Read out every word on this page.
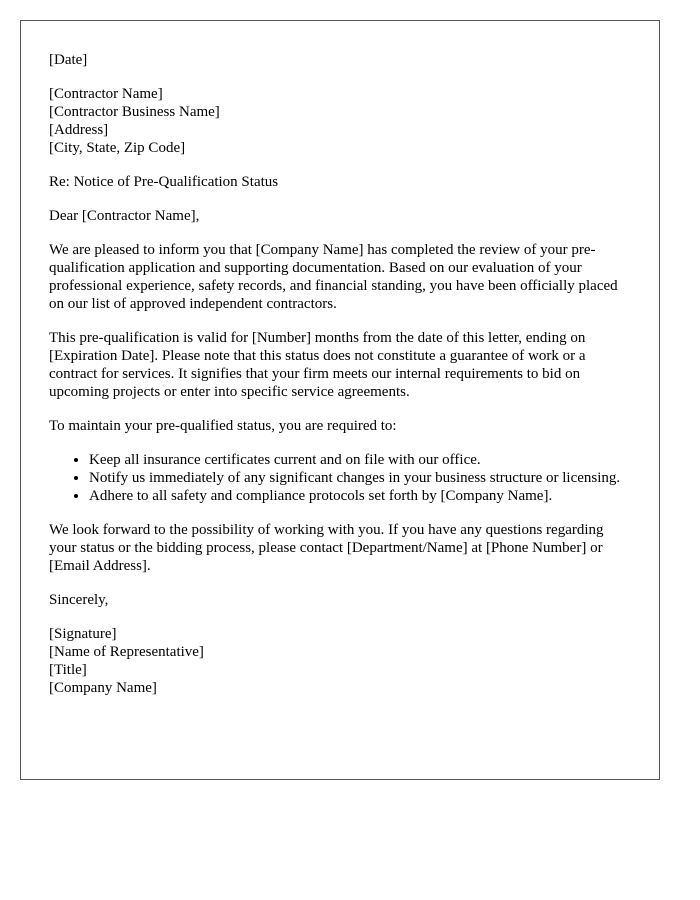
[Date]

[Contractor Name]
[Contractor Business Name]
[Address]
[City, State, Zip Code]

Re: Notice of Pre-Qualification Status

Dear [Contractor Name],

We are pleased to inform you that [Company Name] has completed the review of your pre-qualification application and supporting documentation. Based on our evaluation of your professional experience, safety records, and financial standing, you have been officially placed on our list of approved independent contractors.

This pre-qualification is valid for [Number] months from the date of this letter, ending on [Expiration Date]. Please note that this status does not constitute a guarantee of work or a contract for services. It signifies that your firm meets our internal requirements to bid on upcoming projects or enter into specific service agreements.

To maintain your pre-qualified status, you are required to:

• Keep all insurance certificates current and on file with our office.
• Notify us immediately of any significant changes in your business structure or licensing.
• Adhere to all safety and compliance protocols set forth by [Company Name].

We look forward to the possibility of working with you. If you have any questions regarding your status or the bidding process, please contact [Department/Name] at [Phone Number] or [Email Address].

Sincerely,

[Signature]
[Name of Representative]
[Title]
[Company Name]
